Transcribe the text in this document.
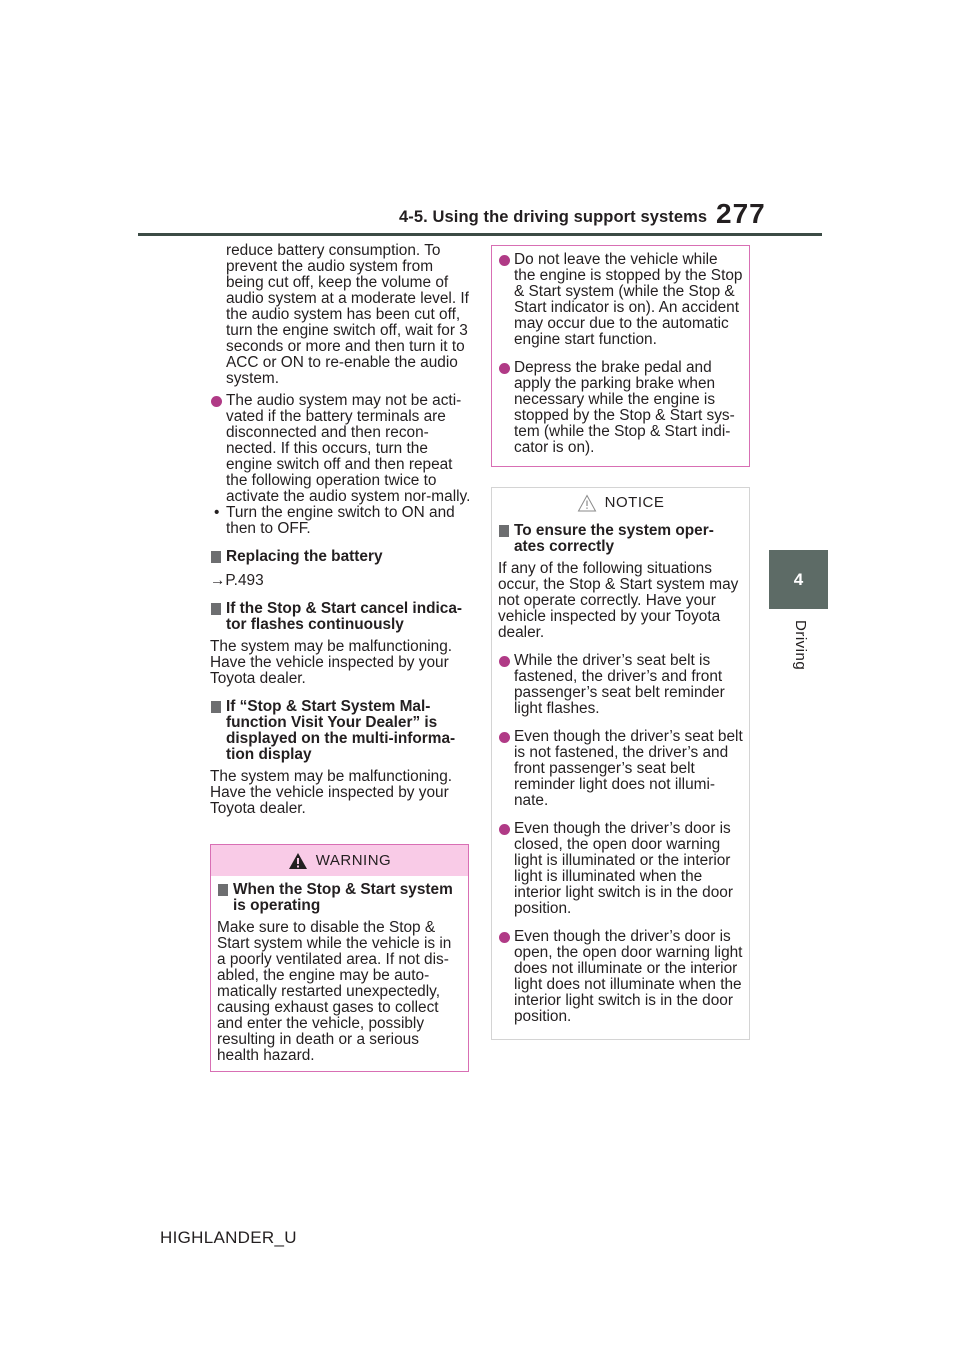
4-5. Using the driving support systems 277
4
Driving

reduce battery consumption. To prevent the audio system from being cut off, keep the volume of audio system at a moderate level. If the audio system has been cut off, turn the engine switch off, wait for 3 seconds or more and then turn it to ACC or ON to re-enable the audio system.

The audio system may not be acti-vated if the battery terminals are disconnected and then recon-nected. If this occurs, turn the engine switch off and then repeat the following operation twice to activate the audio system nor-mally.

• Turn the engine switch to ON and then to OFF.

Replacing the battery

→P.493

If the Stop & Start cancel indica-tor flashes continuously

The system may be malfunctioning. Have the vehicle inspected by your Toyota dealer.

If “Stop & Start System Mal-function Visit Your Dealer” is displayed on the multi-informa-tion display

The system may be malfunctioning. Have the vehicle inspected by your Toyota dealer.

WARNING

When the Stop & Start system is operating

Make sure to disable the Stop & Start system while the vehicle is in a poorly ventilated area. If not dis-abled, the engine may be auto-matically restarted unexpectedly, causing exhaust gases to collect and enter the vehicle, possibly resulting in death or a serious health hazard.

Do not leave the vehicle while the engine is stopped by the Stop & Start system (while the Stop & Start indicator is on). An accident may occur due to the automatic engine start function.

Depress the brake pedal and apply the parking brake when necessary while the engine is stopped by the Stop & Start sys-tem (while the Stop & Start indi-cator is on).

NOTICE

To ensure the system oper-ates correctly

If any of the following situations occur, the Stop & Start system may not operate correctly. Have your vehicle inspected by your Toyota dealer.

While the driver’s seat belt is fastened, the driver’s and front passenger’s seat belt reminder light flashes.

Even though the driver’s seat belt is not fastened, the driver’s and front passenger’s seat belt reminder light does not illumi-nate.

Even though the driver’s door is closed, the open door warning light is illuminated or the interior light is illuminated when the interior light switch is in the door position.

Even though the driver’s door is open, the open door warning light does not illuminate or the interior light does not illuminate when the interior light switch is in the door position.

HIGHLANDER_U
